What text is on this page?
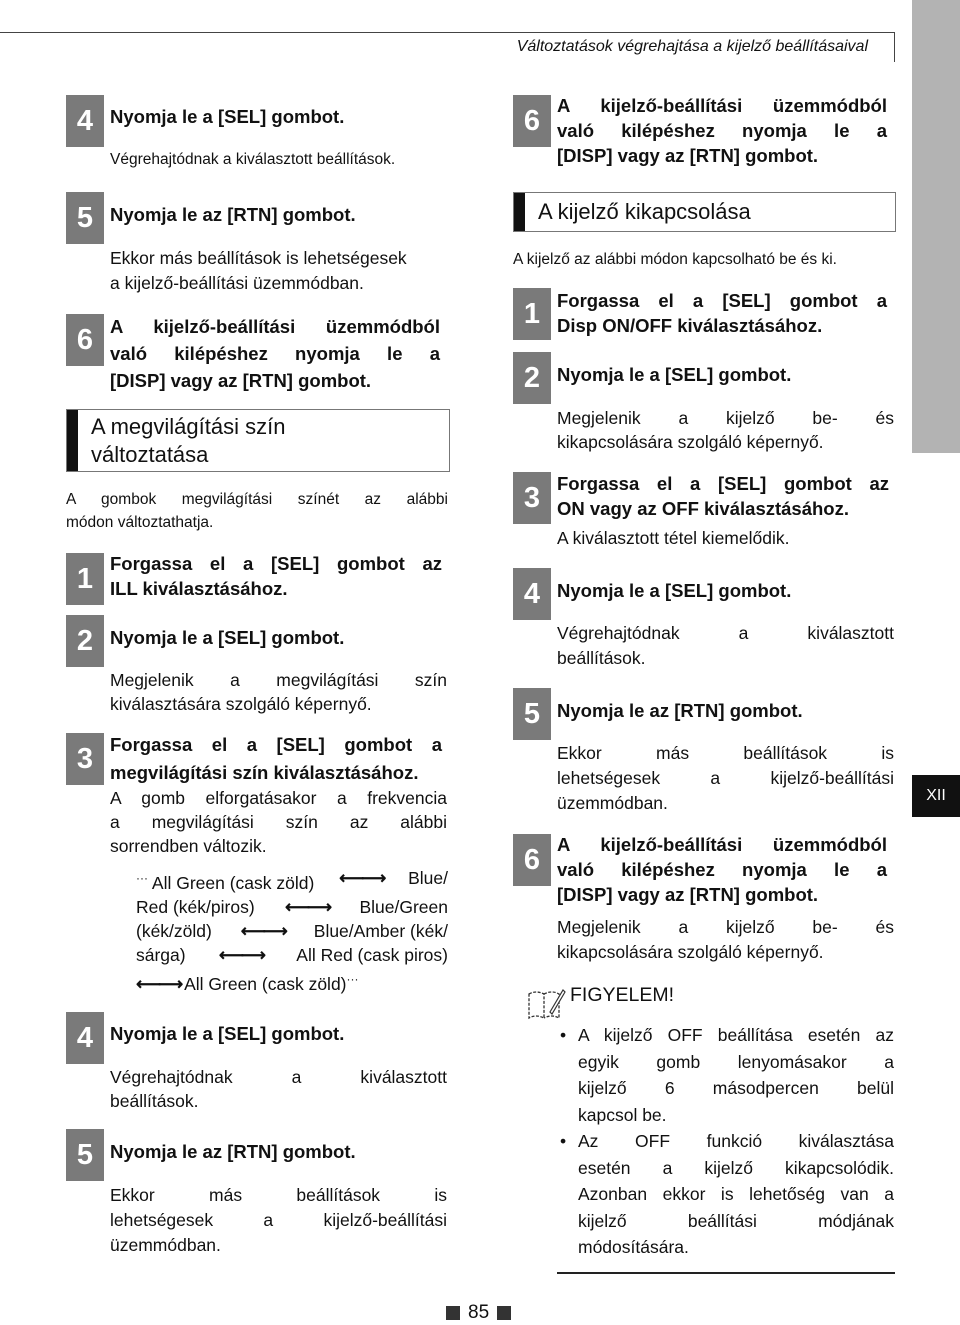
Változtatások végrehajtása a kijelző beállításaival
XII
4 Nyomja le a [SEL] gombot.
Végrehajtódnak a kiválasztott beállítások.
5 Nyomja le az [RTN] gombot.
Ekkor más beállítások is lehetségesek
a kijelző-beállítási üzemmódban.
6 A kijelző-beállítási üzemmódból
való kilépéshez nyomja le a
[DISP] vagy az [RTN] gombot.
A megvilágítási szín
változtatása
A gombok megvilágítási színét az alábbi
módon változtathatja.
1 Forgassa el a [SEL] gombot az
ILL kiválasztásához.
2 Nyomja le a [SEL] gombot.
Megjelenik a megvilágítási szín
kiválasztására szolgáló képernyő.
3 Forgassa el a [SEL] gombot a
megvilágítási szín kiválasztásához.
A gomb elforgatásakor a frekvencia
a megvilágítási szín az alábbi
sorrendben változik.
··· All Green (cask zöld) ⟵⟶ Blue/
Red (kék/piros) ⟵⟶ Blue/Green
(kék/zöld) ⟵⟶ Blue/Amber (kék/
sárga) ⟵⟶ All Red (cask piros)
⟵⟶ All Green (cask zöld)···
4 Nyomja le a [SEL] gombot.
Végrehajtódnak a kiválasztott
beállítások.
5 Nyomja le az [RTN] gombot.
Ekkor más beállítások is
lehetségesek a kijelző-beállítási
üzemmódban.
6 A kijelző-beállítási üzemmódból
való kilépéshez nyomja le a
[DISP] vagy az [RTN] gombot.
A kijelző kikapcsolása
A kijelző az alábbi módon kapcsolható be és ki.
1 Forgassa el a [SEL] gombot a
Disp ON/OFF kiválasztásához.
2 Nyomja le a [SEL] gombot.
Megjelenik a kijelző be- és
kikapcsolására szolgáló képernyő.
3 Forgassa el a [SEL] gombot az
ON vagy az OFF kiválasztásához.
A kiválasztott tétel kiemelődik.
4 Nyomja le a [SEL] gombot.
Végrehajtódnak a kiválasztott
beállítások.
5 Nyomja le az [RTN] gombot.
Ekkor más beállítások is
lehetségesek a kijelző-beállítási
üzemmódban.
6 A kijelző-beállítási üzemmódból
való kilépéshez nyomja le a
[DISP] vagy az [RTN] gombot.
Megjelenik a kijelző be- és
kikapcsolására szolgáló képernyő.
FIGYELEM!
• A kijelző OFF beállítása esetén az
egyik gomb lenyomásakor a
kijelző 6 másodpercen belül
kapcsol be.
• Az OFF funkció kiválasztása
esetén a kijelző kikapcsolódik.
Azonban ekkor is lehetőség van a
kijelző beállítási módjának
módosítására.
85
